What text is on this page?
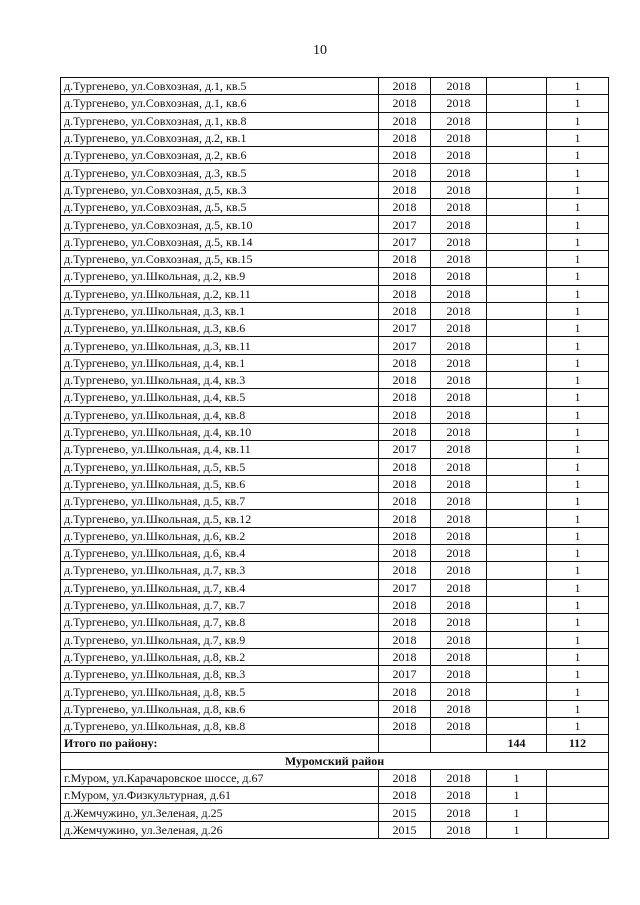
10
д.Тургенево, ул.Совхозная, д.1, кв.5	2018	2018		1
д.Тургенево, ул.Совхозная, д.1, кв.6	2018	2018		1
д.Тургенево, ул.Совхозная, д.1, кв.8	2018	2018		1
д.Тургенево, ул.Совхозная, д.2, кв.1	2018	2018		1
д.Тургенево, ул.Совхозная, д.2, кв.6	2018	2018		1
д.Тургенево, ул.Совхозная, д.3, кв.5	2018	2018		1
д.Тургенево, ул.Совхозная, д.5, кв.3	2018	2018		1
д.Тургенево, ул.Совхозная, д.5, кв.5	2018	2018		1
д.Тургенево, ул.Совхозная, д.5, кв.10	2017	2018		1
д.Тургенево, ул.Совхозная, д.5, кв.14	2017	2018		1
д.Тургенево, ул.Совхозная, д.5, кв.15	2018	2018		1
д.Тургенево, ул.Школьная, д.2, кв.9	2018	2018		1
д.Тургенево, ул.Школьная, д.2, кв.11	2018	2018		1
д.Тургенево, ул.Школьная, д.3, кв.1	2018	2018		1
д.Тургенево, ул.Школьная, д.3, кв.6	2017	2018		1
д.Тургенево, ул.Школьная, д.3, кв.11	2017	2018		1
д.Тургенево, ул.Школьная, д.4, кв.1	2018	2018		1
д.Тургенево, ул.Школьная, д.4, кв.3	2018	2018		1
д.Тургенево, ул.Школьная, д.4, кв.5	2018	2018		1
д.Тургенево, ул.Школьная, д.4, кв.8	2018	2018		1
д.Тургенево, ул.Школьная, д.4, кв.10	2018	2018		1
д.Тургенево, ул.Школьная, д.4, кв.11	2017	2018		1
д.Тургенево, ул.Школьная, д.5, кв.5	2018	2018		1
д.Тургенево, ул.Школьная, д.5, кв.6	2018	2018		1
д.Тургенево, ул.Школьная, д.5, кв.7	2018	2018		1
д.Тургенево, ул.Школьная, д.5, кв.12	2018	2018		1
д.Тургенево, ул.Школьная, д.6, кв.2	2018	2018		1
д.Тургенево, ул.Школьная, д.6, кв.4	2018	2018		1
д.Тургенево, ул.Школьная, д.7, кв.3	2018	2018		1
д.Тургенево, ул.Школьная, д.7, кв.4	2017	2018		1
д.Тургенево, ул.Школьная, д.7, кв.7	2018	2018		1
д.Тургенево, ул.Школьная, д.7, кв.8	2018	2018		1
д.Тургенево, ул.Школьная, д.7, кв.9	2018	2018		1
д.Тургенево, ул.Школьная, д.8, кв.2	2018	2018		1
д.Тургенево, ул.Школьная, д.8, кв.3	2017	2018		1
д.Тургенево, ул.Школьная, д.8, кв.5	2018	2018		1
д.Тургенево, ул.Школьная, д.8, кв.6	2018	2018		1
д.Тургенево, ул.Школьная, д.8, кв.8	2018	2018		1
Итого по району:			144	112
Муромский район				
г.Муром, ул.Карачаровское шоссе, д.67	2018	2018	1	
г.Муром, ул.Физкультурная, д.61	2018	2018	1	
д.Жемчужино, ул.Зеленая, д.25	2015	2018	1	
д.Жемчужино, ул.Зеленая, д.26	2015	2018	1	
